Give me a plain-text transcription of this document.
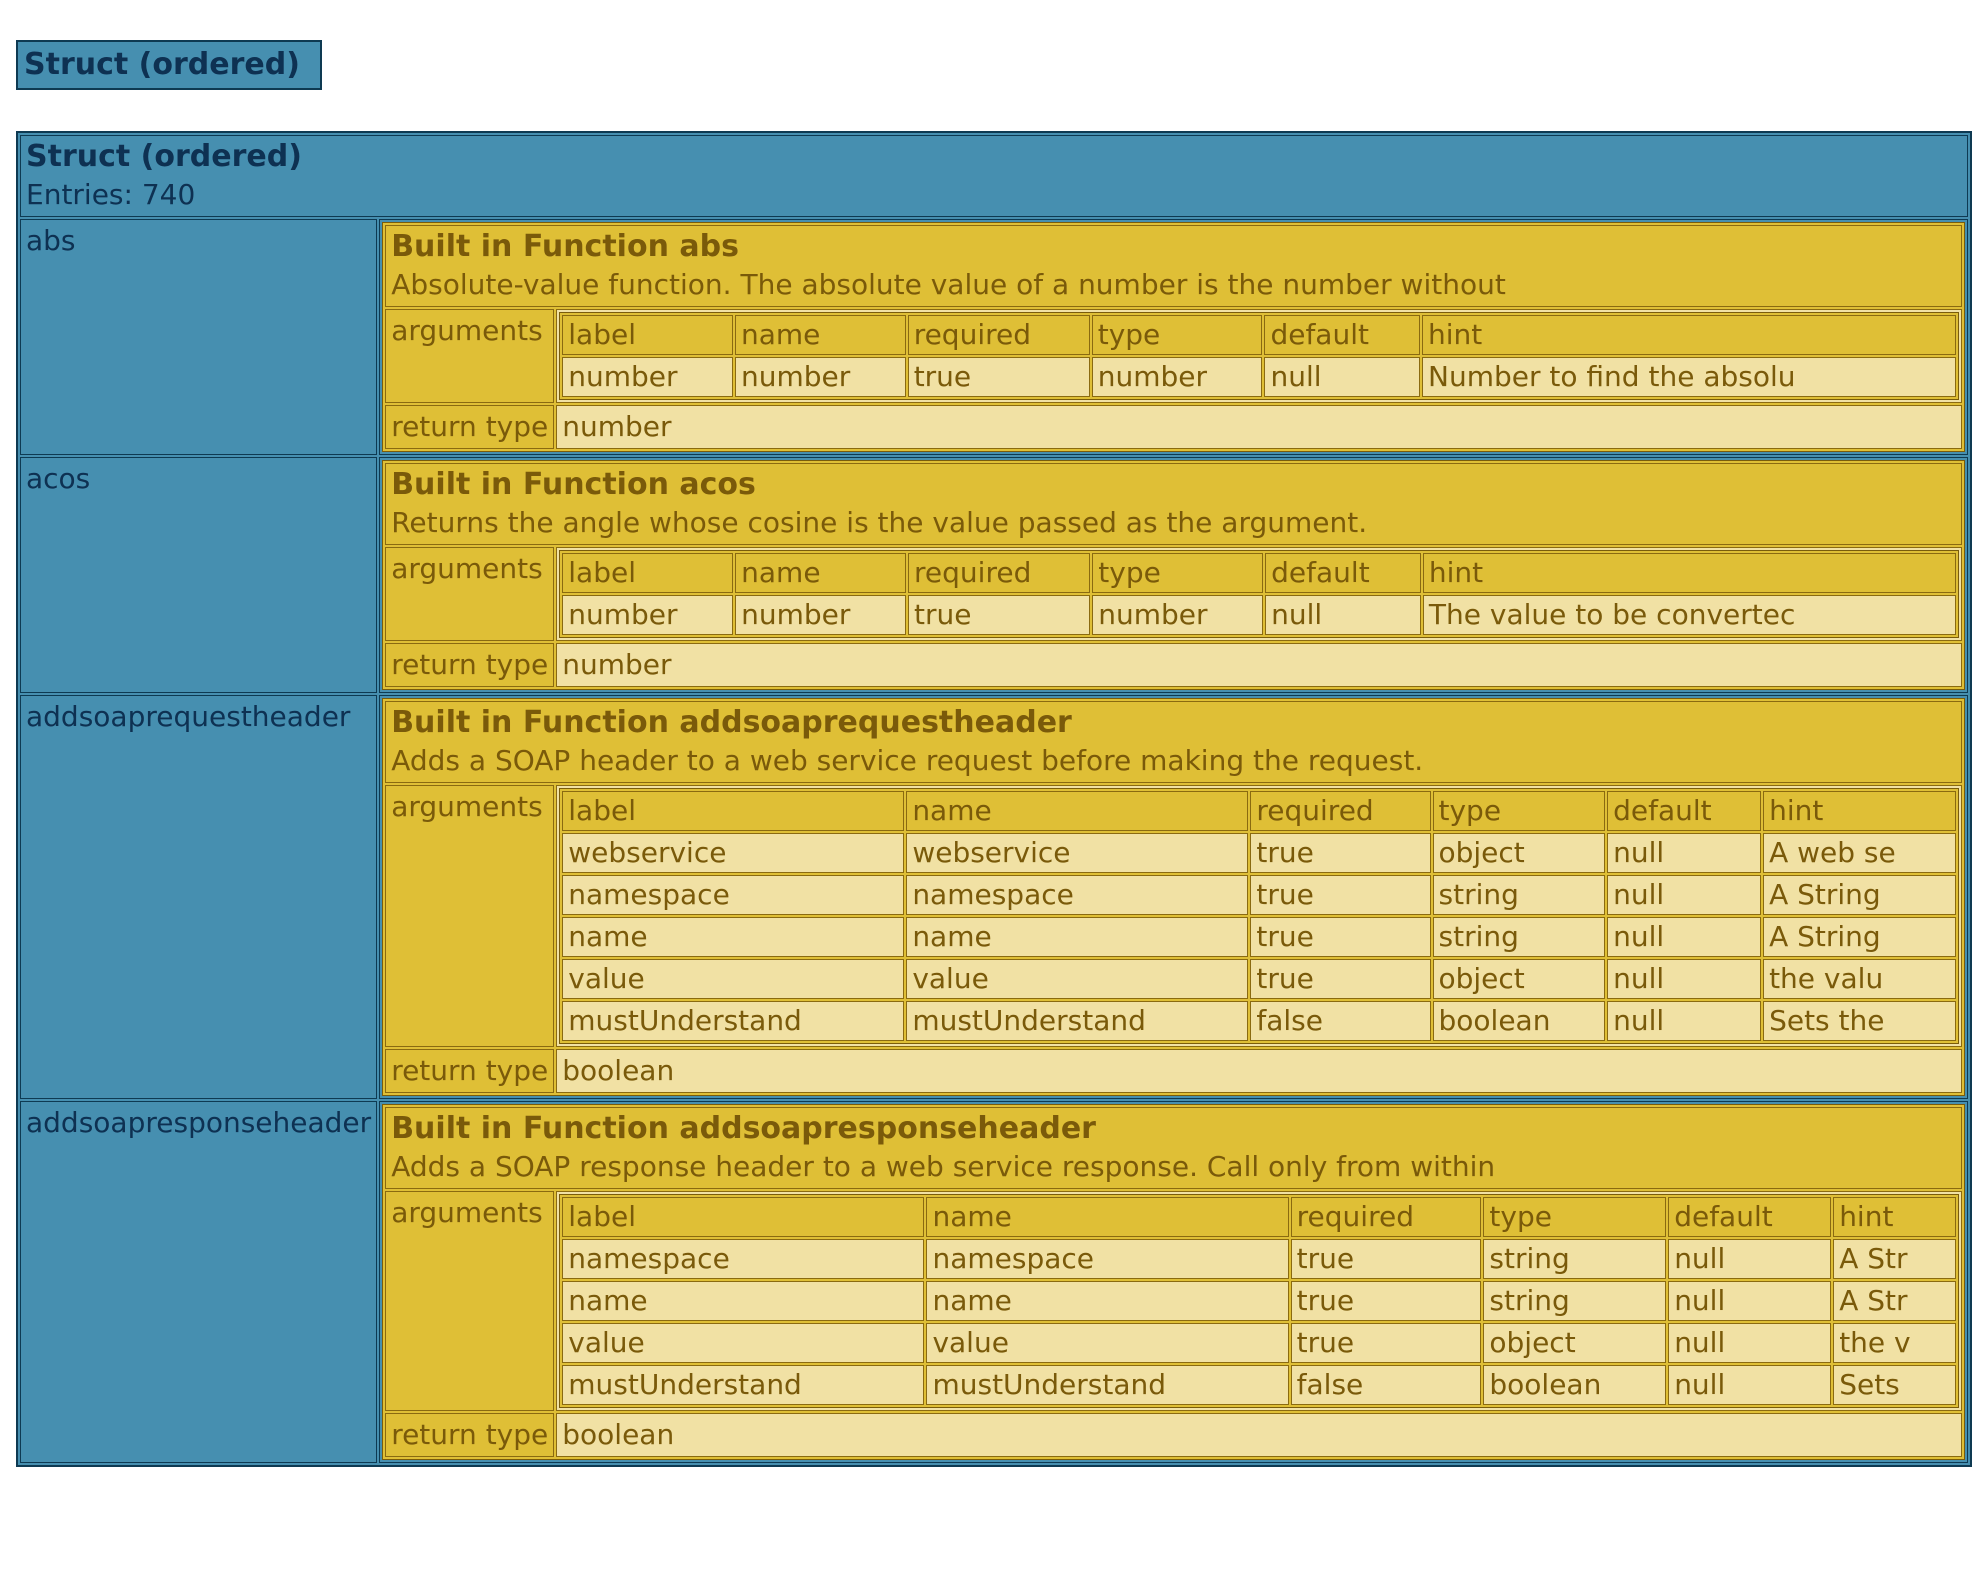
Struct (ordered)
Struct (ordered)
Entries: 740

abs		Built in Function abs
Absolute-value function. The absolute value of a number is the number without

arguments	label	name	required	type	default	hint
number	number	true	number	null	Number to find the absolu

return type	number

acos		Built in Function acos
Returns the angle whose cosine is the value passed as the argument.

arguments	label	name	required	type	default	hint
number	number	true	number	null	The value to be convertec

return type	number

addsoaprequestheader	Built in Function addsoaprequestheader
Adds a SOAP header to a web service request before making the request.

arguments	label	name	required	type	default	hint
webservice	webservice	true	object	null	A web se
namespace	namespace	true	string	null	A String
name	name	true	string	null	A String
value	value	true	object	null	the valu
mustUnderstand	mustUnderstand	false	boolean	null	Sets the

return type	boolean

addsoapresponseheader	Built in Function addsoapresponseheader
Adds a SOAP response header to a web service response. Call only from within

arguments	label	name	required	type	default	hint
namespace	namespace	true	string	null	A Str
name	name	true	string	null	A Str
value	value	true	object	null	the v
mustUnderstand	mustUnderstand	false	boolean	null	Sets

return type	boolean
